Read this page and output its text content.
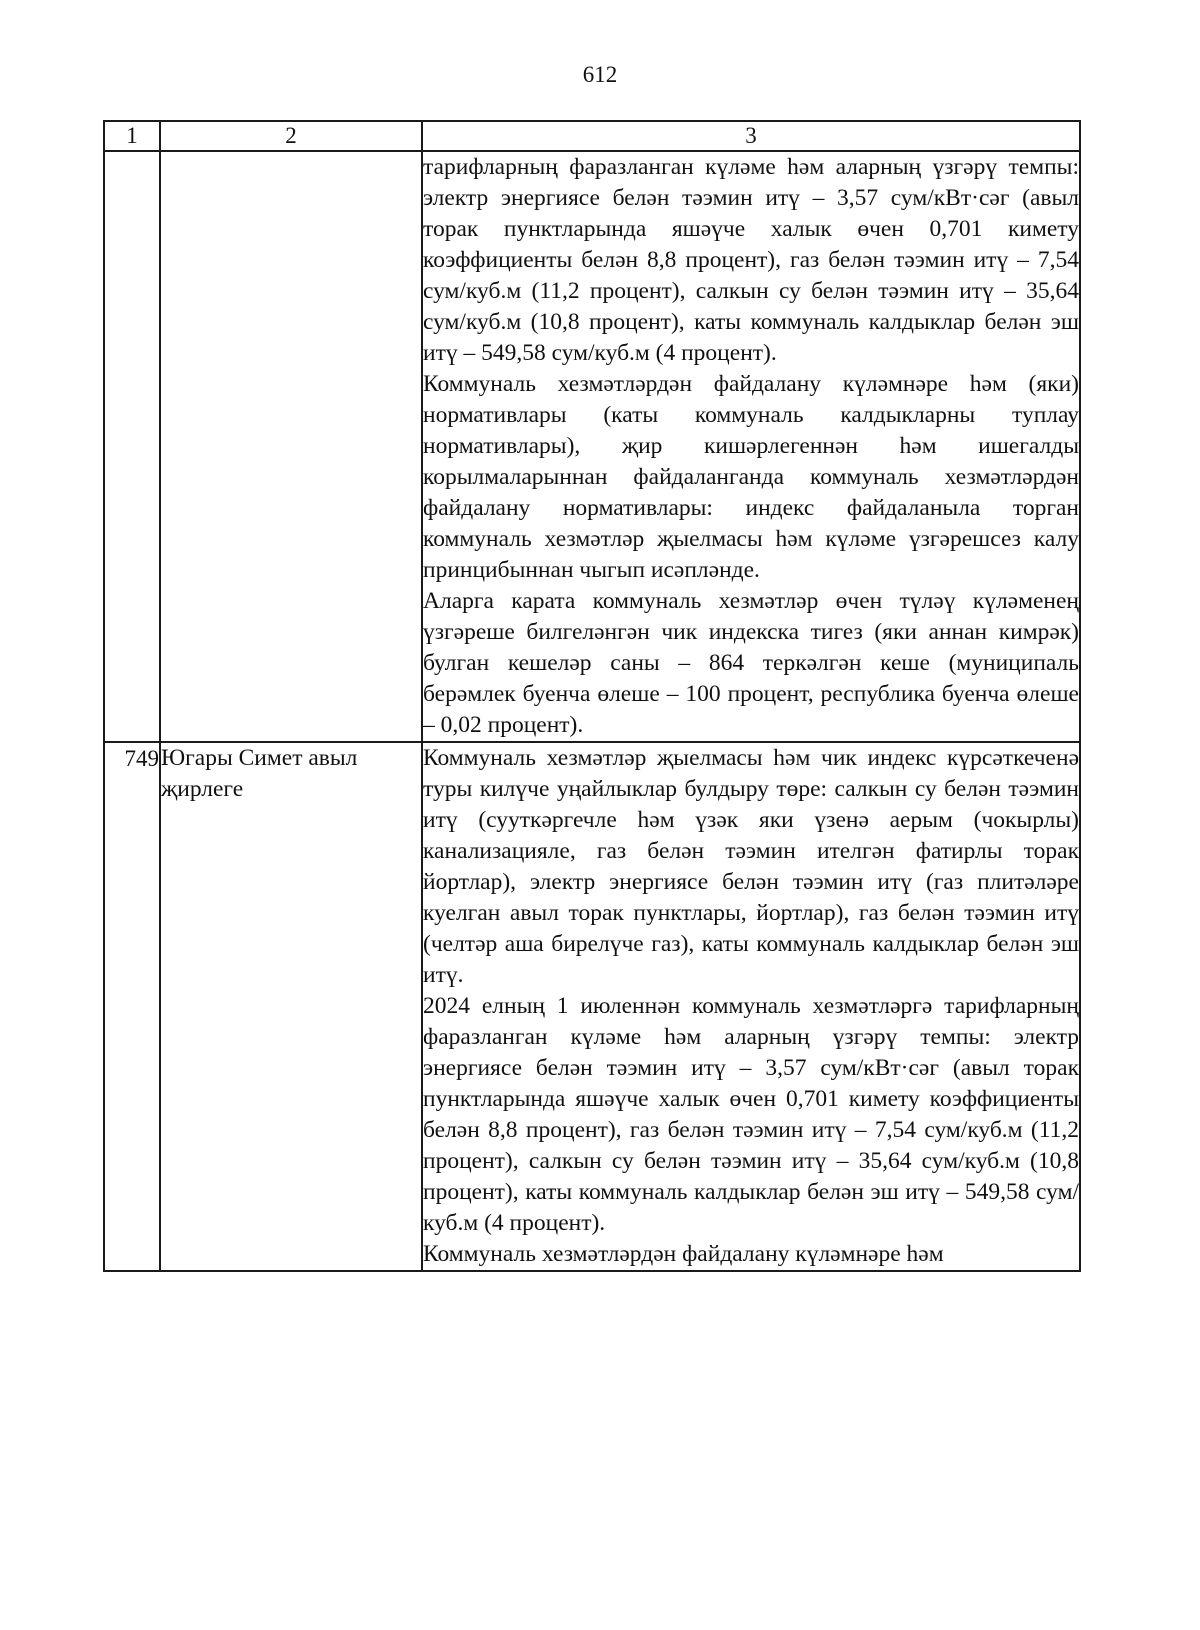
612
1	2	3

		тарифларның фаразланган күләме һәм аларның үзгәрү темпы: электр энергиясе белән тәэмин итү – 3,57 сум/кВт·сәг (авыл торак пунктларында яшәүче халык өчен 0,701 кимету коэффициенты белән 8,8 процент), газ белән тәэмин итү – 7,54 сум/куб.м (11,2 процент), салкын су белән тәэмин итү – 35,64 сум/куб.м (10,8 процент), каты коммуналь калдыклар белән эш итү – 549,58 сум/куб.м (4 процент).

Коммуналь хезмәтләрдән файдалану күләмнәре һәм (яки) нормативлары (каты коммуналь калдыкларны туплау нормативлары), җир кишәрлегеннән һәм ишегалды корылмаларыннан файдаланганда коммуналь хезмәтләрдән файдалану нормативлары: индекс файдаланыла торган коммуналь хезмәтләр җыелмасы һәм күләме үзгәрешсез калу принцибыннан чыгып исәпләнде.

Аларга карата коммуналь хезмәтләр өчен түләү күләменең үзгәреше билгеләнгән чик индекска тигез (яки аннан кимрәк) булган кешеләр саны – 864 теркәлгән кеше (муниципаль берәмлек буенча өлеше – 100 процент, республика буенча өлеше – 0,02 процент).

749	Югары Симет авыл җирлеге	Коммуналь хезмәтләр җыелмасы һәм чик индекс күрсәткеченә туры килүче уңайлыклар булдыру төре: салкын су белән тәэмин итү (сууткәргечле һәм үзәк яки үзенә аерым (чокырлы) канализацияле, газ белән тәэмин ителгән фатирлы торак йортлар), электр энергиясе белән тәэмин итү (газ плитәләре куелган авыл торак пунктлары, йортлар), газ белән тәэмин итү (челтәр аша бирелүче газ), каты коммуналь калдыклар белән эш итү.

2024 елның 1 июленнән коммуналь хезмәтләргә тарифларның фаразланган күләме һәм аларның үзгәрү темпы: электр энергиясе белән тәэмин итү – 3,57 сум/кВт·сәг (авыл торак пунктларында яшәүче халык өчен 0,701 кимету коэффициенты белән 8,8 процент), газ белән тәэмин итү – 7,54 сум/куб.м (11,2 процент), салкын су белән тәэмин итү – 35,64 сум/куб.м (10,8 процент), каты коммуналь калдыклар белән эш итү – 549,58 сум/куб.м (4 процент).

Коммуналь хезмәтләрдән файдалану күләмнәре һәм
